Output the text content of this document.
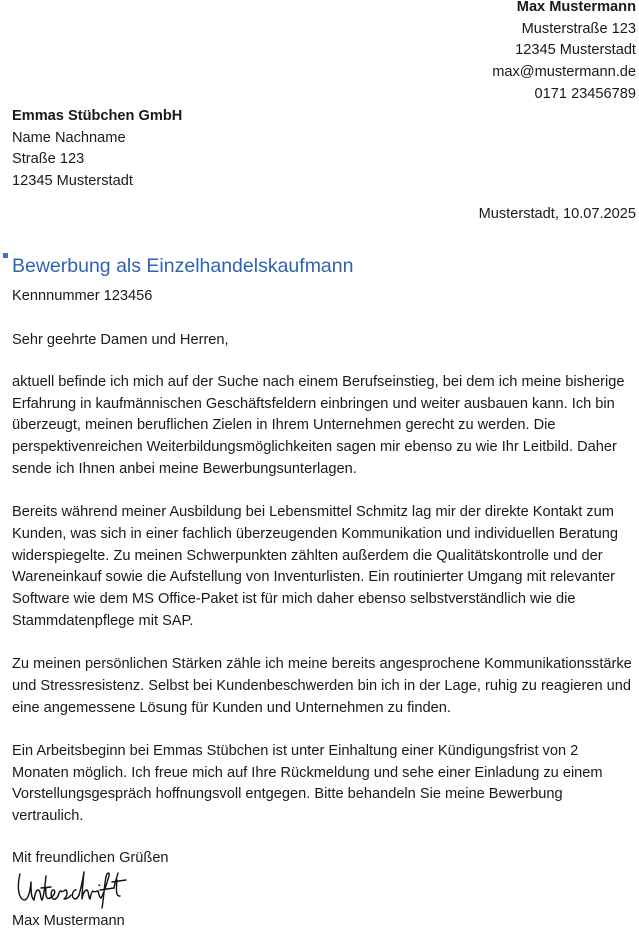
Max Mustermann
Musterstraße 123
12345 Musterstadt
max@mustermann.de
0171 23456789
Emmas Stübchen GmbH
Name Nachname
Straße 123
12345 Musterstadt
Musterstadt, 10.07.2025
Bewerbung als Einzelhandelskaufmann
Kennnummer 123456
Sehr geehrte Damen und Herren,

aktuell befinde ich mich auf der Suche nach einem Berufseinstieg, bei dem ich meine bisherige Erfahrung in kaufmännischen Geschäftsfeldern einbringen und weiter ausbauen kann. Ich bin überzeugt, meinen beruflichen Zielen in Ihrem Unternehmen gerecht zu werden. Die perspektivenreichen Weiterbildungsmöglichkeiten sagen mir ebenso zu wie Ihr Leitbild. Daher sende ich Ihnen anbei meine Bewerbungsunterlagen.

Bereits während meiner Ausbildung bei Lebensmittel Schmitz lag mir der direkte Kontakt zum Kunden, was sich in einer fachlich überzeugenden Kommunikation und individuellen Beratung widerspiegelte. Zu meinen Schwerpunkten zählten außerdem die Qualitätskontrolle und der Wareneinkauf sowie die Aufstellung von Inventurlisten. Ein routinierter Umgang mit relevanter Software wie dem MS Office-Paket ist für mich daher ebenso selbstverständlich wie die Stammdatenpflege mit SAP.

Zu meinen persönlichen Stärken zähle ich meine bereits angesprochene Kommunikationsstärke und Stressresistenz. Selbst bei Kundenbeschwerden bin ich in der Lage, ruhig zu reagieren und eine angemessene Lösung für Kunden und Unternehmen zu finden.

Ein Arbeitsbeginn bei Emmas Stübchen ist unter Einhaltung einer Kündigungsfrist von 2 Monaten möglich. Ich freue mich auf Ihre Rückmeldung und sehe einer Einladung zu einem Vorstellungsgespräch hoffnungsvoll entgegen. Bitte behandeln Sie meine Bewerbung vertraulich.

Mit freundlichen Grüßen
Max Mustermann
